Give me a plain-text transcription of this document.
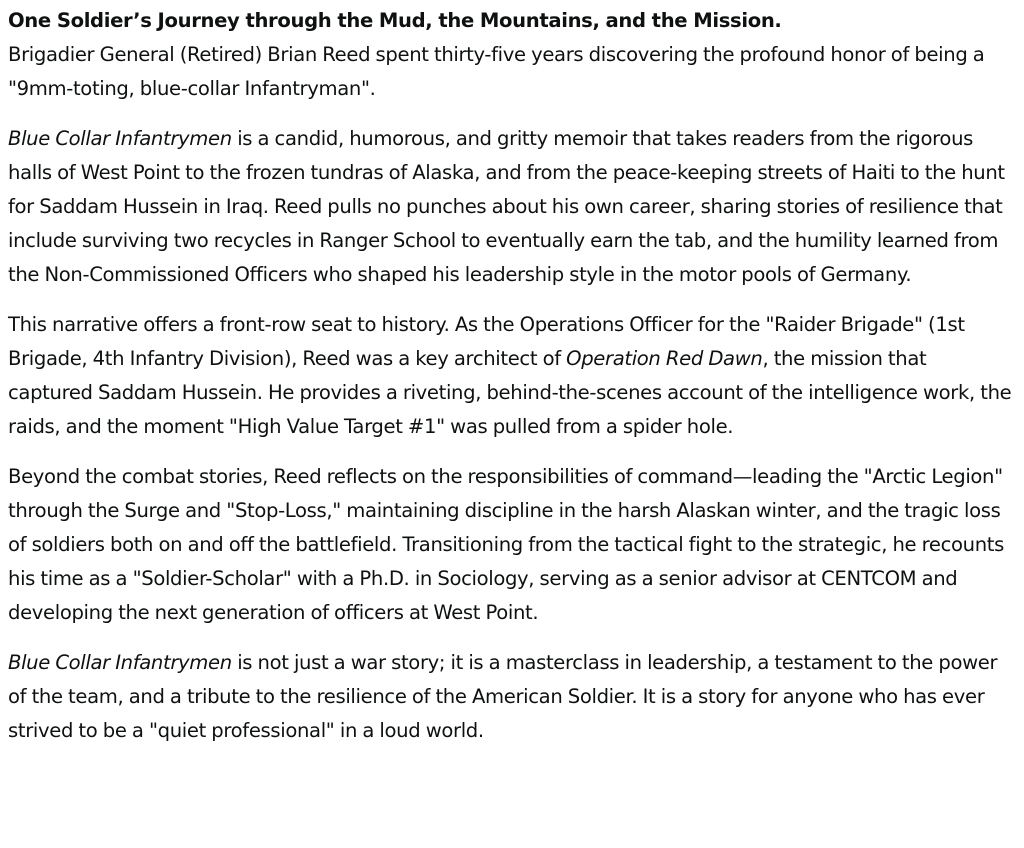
One Soldier’s Journey through the Mud, the Mountains, and the Mission.
Brigadier General (Retired) Brian Reed spent thirty-five years discovering the profound honor of being a "9mm-toting, blue-collar Infantryman".

Blue Collar Infantrymen is a candid, humorous, and gritty memoir that takes readers from the rigorous halls of West Point to the frozen tundras of Alaska, and from the peace-keeping streets of Haiti to the hunt for Saddam Hussein in Iraq. Reed pulls no punches about his own career, sharing stories of resilience that include surviving two recycles in Ranger School to eventually earn the tab, and the humility learned from the Non-Commissioned Officers who shaped his leadership style in the motor pools of Germany.

This narrative offers a front-row seat to history. As the Operations Officer for the "Raider Brigade" (1st Brigade, 4th Infantry Division), Reed was a key architect of Operation Red Dawn, the mission that captured Saddam Hussein. He provides a riveting, behind-the-scenes account of the intelligence work, the raids, and the moment "High Value Target #1" was pulled from a spider hole.

Beyond the combat stories, Reed reflects on the responsibilities of command—leading the "Arctic Legion" through the Surge and "Stop-Loss," maintaining discipline in the harsh Alaskan winter, and the tragic loss of soldiers both on and off the battlefield. Transitioning from the tactical fight to the strategic, he recounts his time as a "Soldier-Scholar" with a Ph.D. in Sociology, serving as a senior advisor at CENTCOM and developing the next generation of officers at West Point.

Blue Collar Infantrymen is not just a war story; it is a masterclass in leadership, a testament to the power of the team, and a tribute to the resilience of the American Soldier. It is a story for anyone who has ever strived to be a "quiet professional" in a loud world.
